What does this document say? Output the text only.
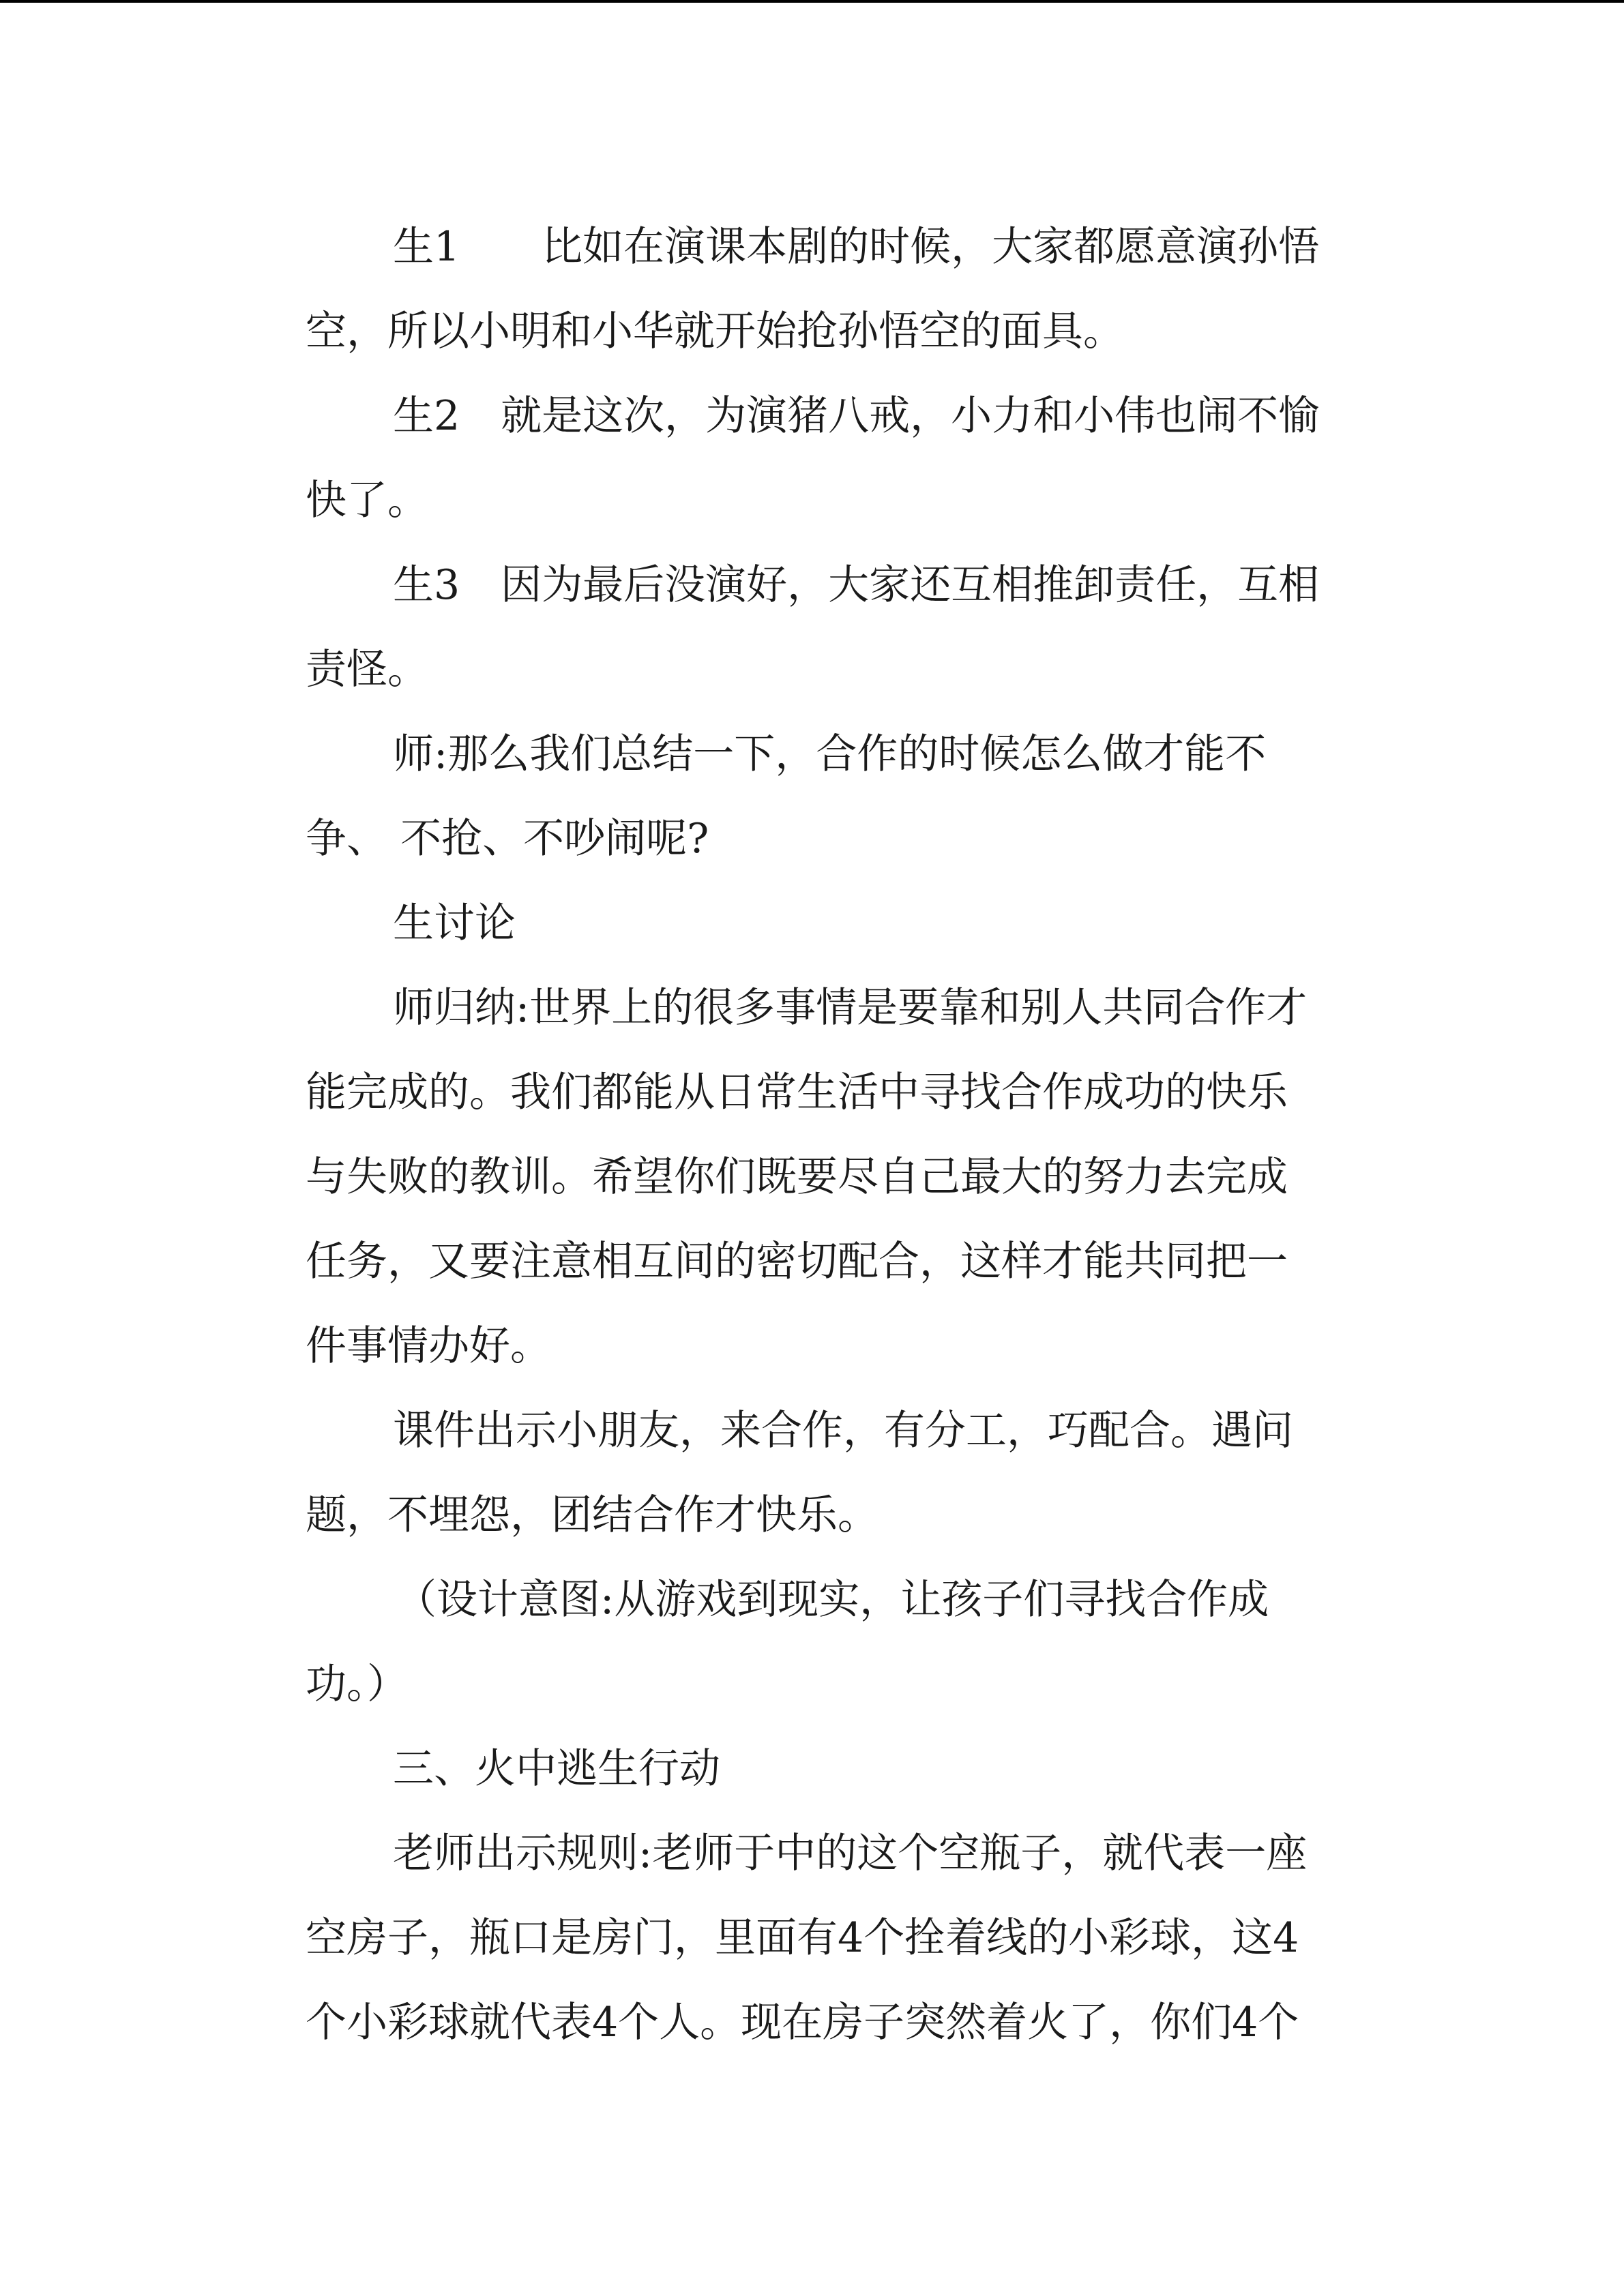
生1　　比如在演课本剧的时候，大家都愿意演孙悟
空，所以小明和小华就开始抢孙悟空的面具。
生2　就是这次，为演猪八戒，小力和小伟也闹不愉
快了。
生3　因为最后没演好，大家还互相推卸责任，互相
责怪。
师:那么我们总结一下，合作的时候怎么做才能不
争、 不抢、不吵闹呢?
生讨论
师归纳:世界上的很多事情是要靠和别人共同合作才
能完成的。我们都能从日常生活中寻找合作成功的快乐
与失败的教训。希望你们既要尽自己最大的努力去完成
任务，又要注意相互间的密切配合，这样才能共同把一
件事情办好。
课件出示小朋友，来合作，有分工，巧配合。遇问
题，不埋怨，团结合作才快乐。
（设计意图:从游戏到现实，让孩子们寻找合作成
功。）
三、火中逃生行动
老师出示规则:老师于中的这个空瓶子，就代表一座
空房子，瓶口是房门，里面有4个拴着线的小彩球，这4
个小彩球就代表4个人。现在房子突然着火了，你们4个
